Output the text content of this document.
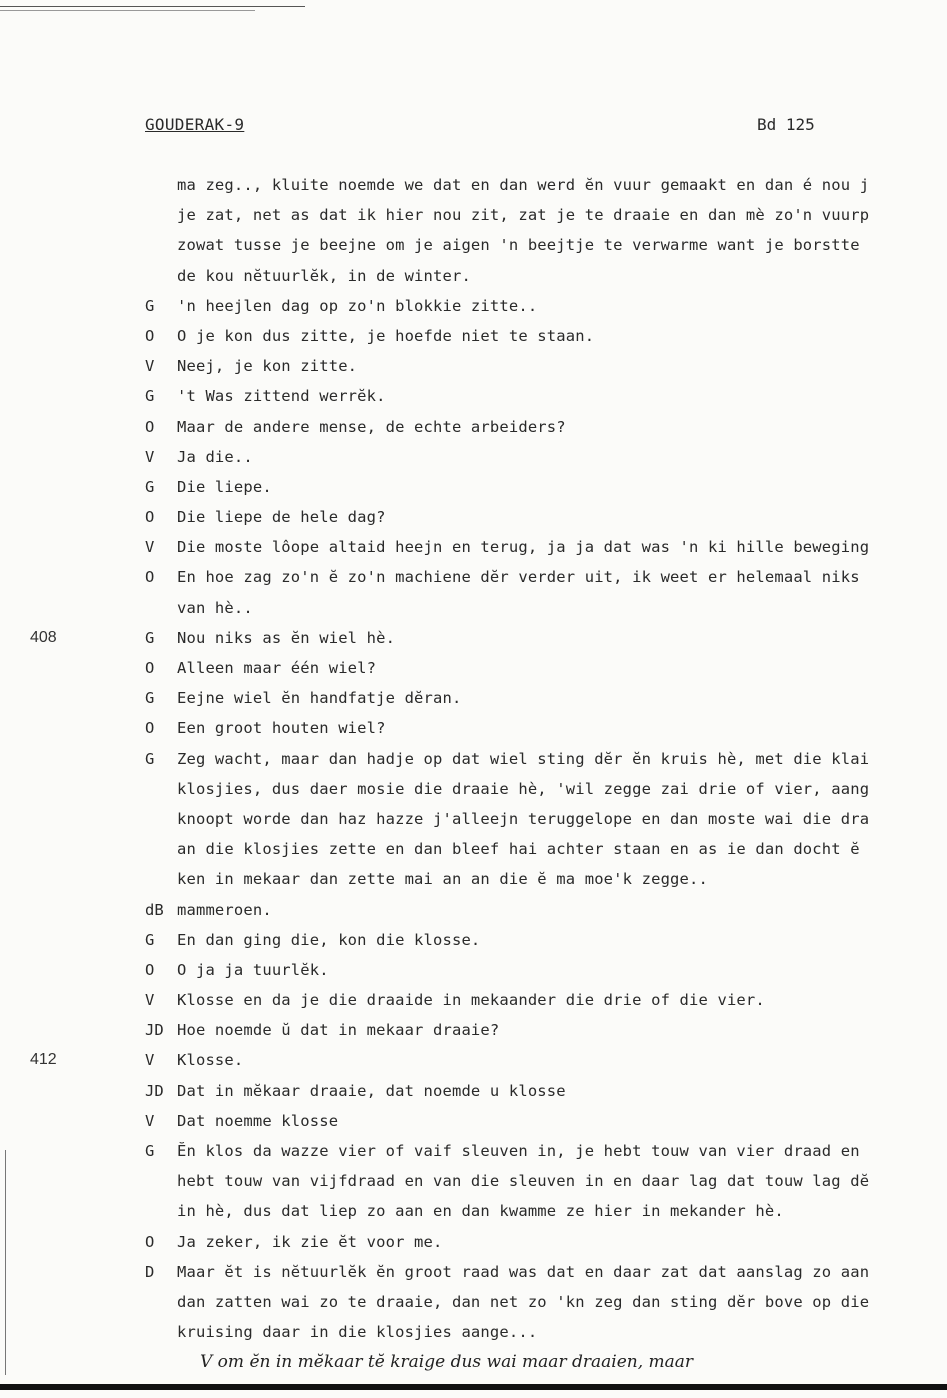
GOUDERAK-9	Bd 125
ma zeg.., kluite noemde we dat en dan werd ĕn vuur gemaakt en dan é nou j
je zat, net as dat ik hier nou zit, zat je te draaie en dan mè zo'n vuurp
zowat tusse je beejne om je aigen 'n beejtje te verwarme want je borstte
de kou nĕtuurlĕk, in de winter.
G 'n heejlen dag op zo'n blokkie zitte..
O O je kon dus zitte, je hoefde niet te staan.
V Neej, je kon zitte.
G 't Was zittend werrĕk.
O Maar de andere mense, de echte arbeiders?
V Ja die..
G Die liepe.
O Die liepe de hele dag?
V Die moste lôope altaid heejn en terug, ja ja dat was 'n ki hille beweging
O En hoe zag zo'n ĕ zo'n machiene dĕr verder uit, ik weet er helemaal niks
van hè..
408	G Nou niks as ĕn wiel hè.
O Alleen maar één wiel?
G Eejne wiel ĕn handfatje dĕran.
O Een groot houten wiel?
G Zeg wacht, maar dan hadje op dat wiel sting dĕr ĕn kruis hè, met die klai
klosjies, dus daer mosie die draaie hè, 'wil zegge zai drie of vier, aang
knoopt worde dan haz hazze j'alleejn teruggelope en dan moste wai die dra
an die klosjies zette en dan bleef hai achter staan en as ie dan docht ĕ
ken in mekaar dan zette mai an an die ĕ ma moe'k zegge..
dB mammeroen.
G En dan ging die, kon die klosse.
O O ja ja tuurlĕk.
V Klosse en da je die draaide in mekaander die drie of die vier.
JD Hoe noemde ŭ dat in mekaar draaie?
412	V Klosse.
JD Dat in mĕkaar draaie, dat noemde u klosse
V Dat noemme klosse
G Ĕn klos da wazze vier of vaif sleuven in, je hebt touw van vier draad en
hebt touw van vijfdraad en van die sleuven in en daar lag dat touw lag dĕ
in hè, dus dat liep zo aan en dan kwamme ze hier in mekander hè.
O Ja zeker, ik zie ĕt voor me.
D Maar ĕt is nĕtuurlĕk ĕn groot raad was dat en daar zat dat aanslag zo aan
dan zatten wai zo te draaie, dan net zo 'kn zeg dan sting dĕr bove op die
kruising daar in die klosjies aange...
V om ĕn in mĕkaar tĕ kraige dus wai maar draaien, maar
